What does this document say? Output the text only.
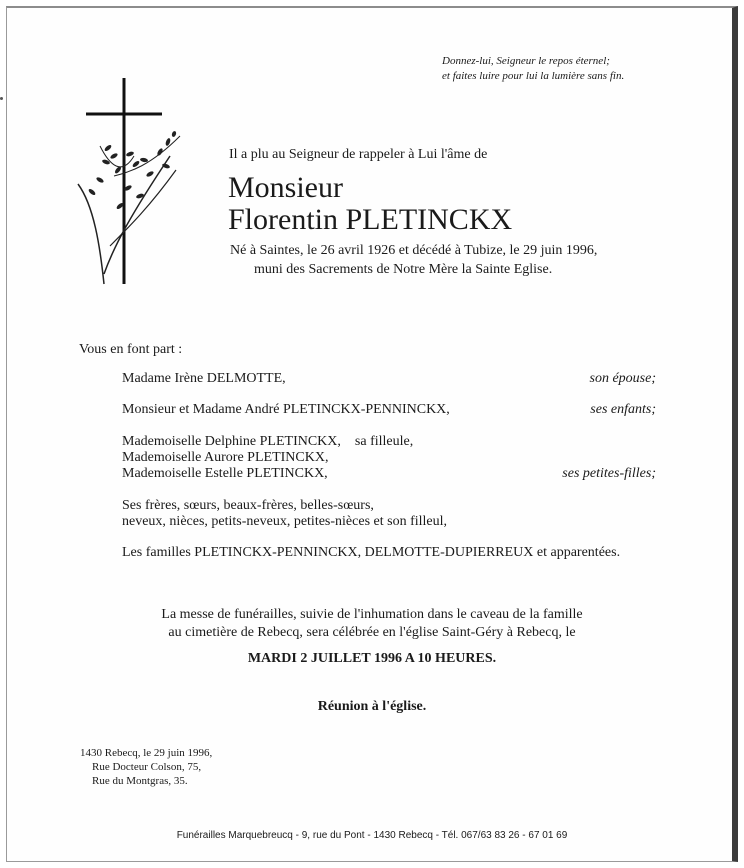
Donnez-lui, Seigneur le repos éternel;
et faites luire pour lui la lumière sans fin.
Il a plu au Seigneur de rappeler à Lui l'âme de
Monsieur
Florentin PLETINCKX
Né à Saintes, le 26 avril 1926 et décédé à Tubize, le 29 juin 1996,
muni des Sacrements de Notre Mère la Sainte Eglise.
Vous en font part :
Madame Irène DELMOTTE,	son épouse;
Monsieur et Madame André PLETINCKX-PENNINCKX,	ses enfants;
Mademoiselle Delphine PLETINCKX,    sa filleule,
Mademoiselle Aurore PLETINCKX,
Mademoiselle Estelle PLETINCKX,	ses petites-filles;
Ses frères, sœurs, beaux-frères, belles-sœurs,
neveux, nièces, petits-neveux, petites-nièces et son filleul,
Les familles PLETINCKX-PENNINCKX, DELMOTTE-DUPIERREUX et apparentées.
La messe de funérailles, suivie de l'inhumation dans le caveau de la famille
au cimetière de Rebecq, sera célébrée en l'église Saint-Géry à Rebecq, le
MARDI 2 JUILLET 1996 A 10 HEURES.
Réunion à l'église.
1430 Rebecq, le 29 juin 1996,
Rue Docteur Colson, 75,
Rue du Montgras, 35.
Funérailles Marquebreucq - 9, rue du Pont - 1430 Rebecq - Tél. 067/63 83 26 - 67 01 69
